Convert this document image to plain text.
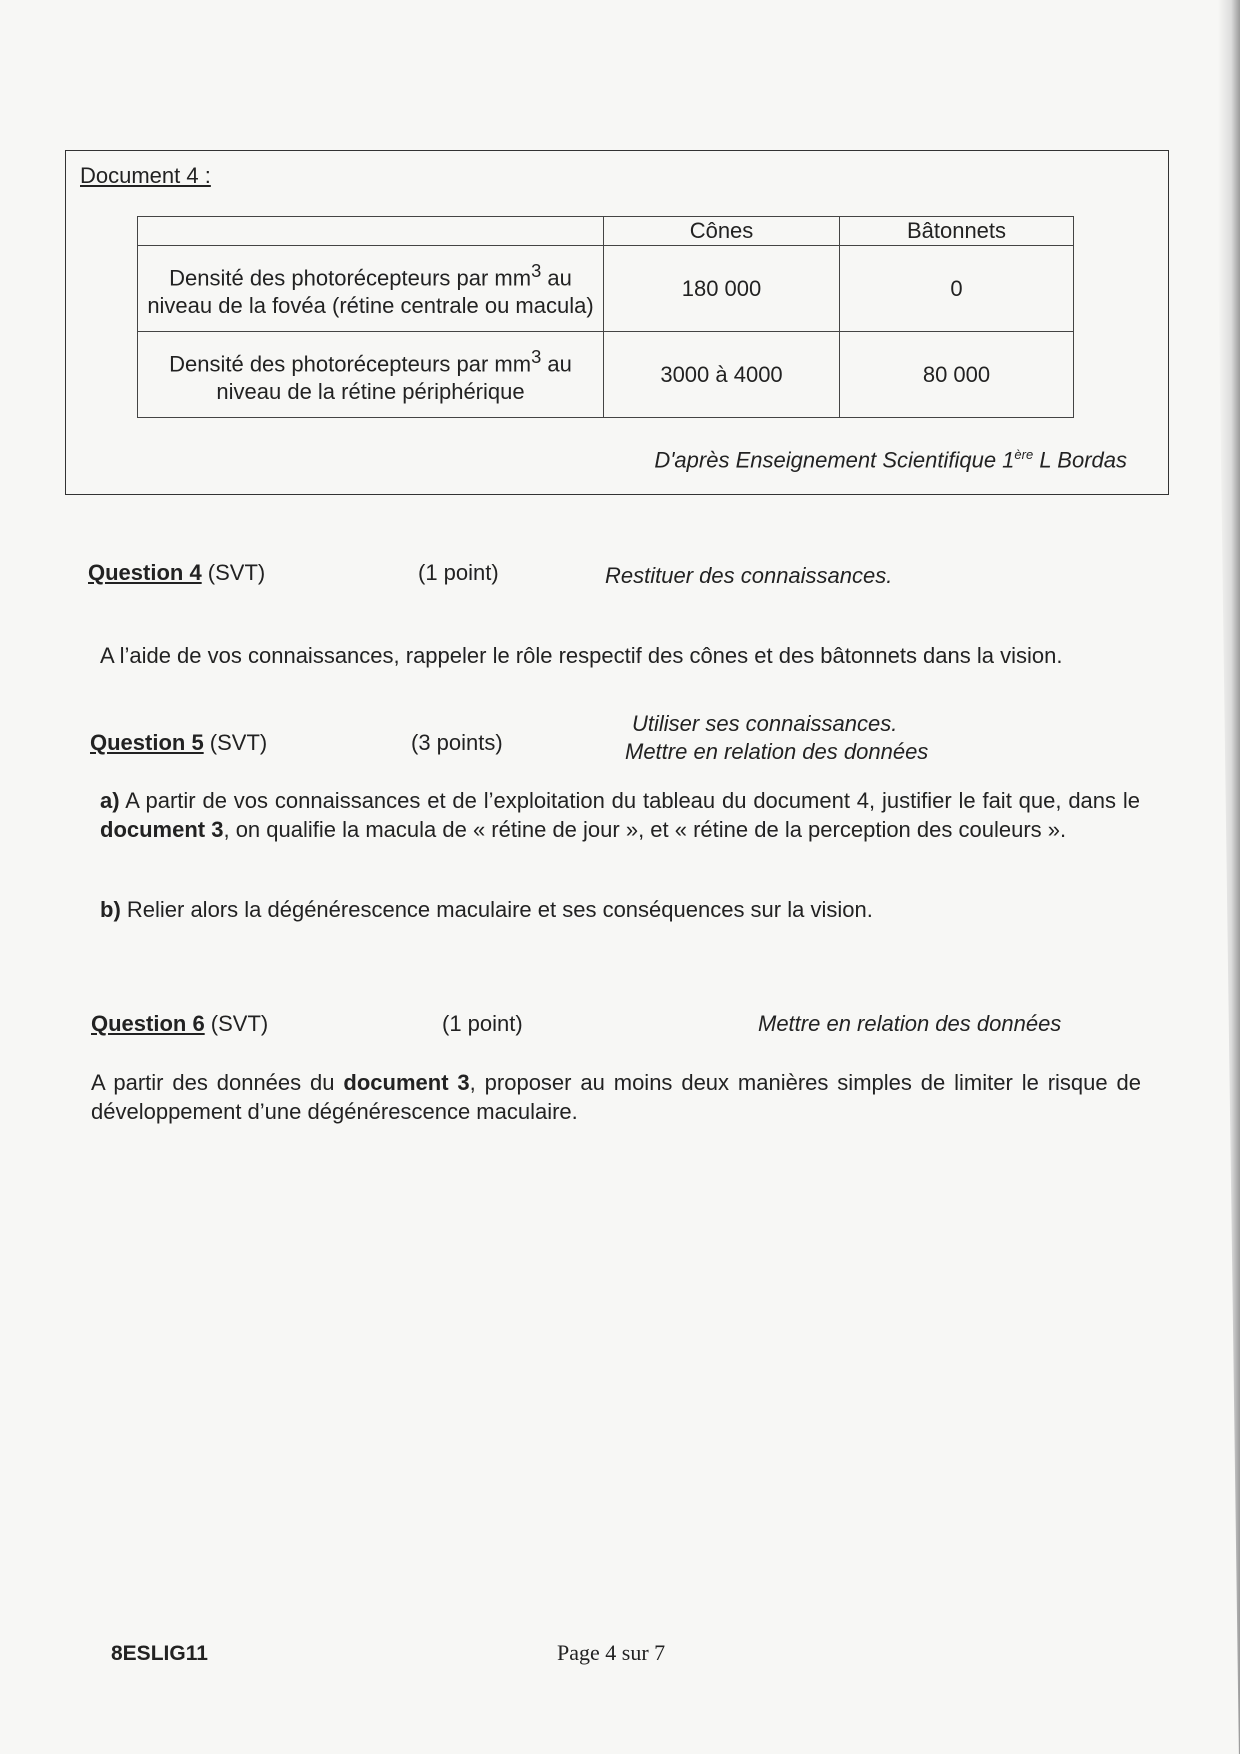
Document 4 :
	Cônes	Bâtonnets
Densité des photorécepteurs par $mm^3$ au niveau de la fovéa (rétine centrale ou macula)	180 000	0
Densité des photorécepteurs par $mm^3$ au niveau de la rétine périphérique	3000 à 4000	80 000
D'après Enseignement Scientifique 1ère L Bordas
Question 4 (SVT)	(1 point)	Restituer des connaissances.
A l’aide de vos connaissances, rappeler le rôle respectif des cônes et des bâtonnets dans la vision.
Utiliser ses connaissances.
Question 5 (SVT)	(3 points)	Mettre en relation des données
a) A partir de vos connaissances et de l’exploitation du tableau du document 4, justifier le fait que, dans le document 3, on qualifie la macula de « rétine de jour », et « rétine de la perception des couleurs ».
b) Relier alors la dégénérescence maculaire et ses conséquences sur la vision.
Question 6 (SVT)	(1 point)	Mettre en relation des données
A partir des données du document 3, proposer au moins deux manières simples de limiter le risque de développement d’une dégénérescence maculaire.
8ESLIG11	Page 4 sur 7
